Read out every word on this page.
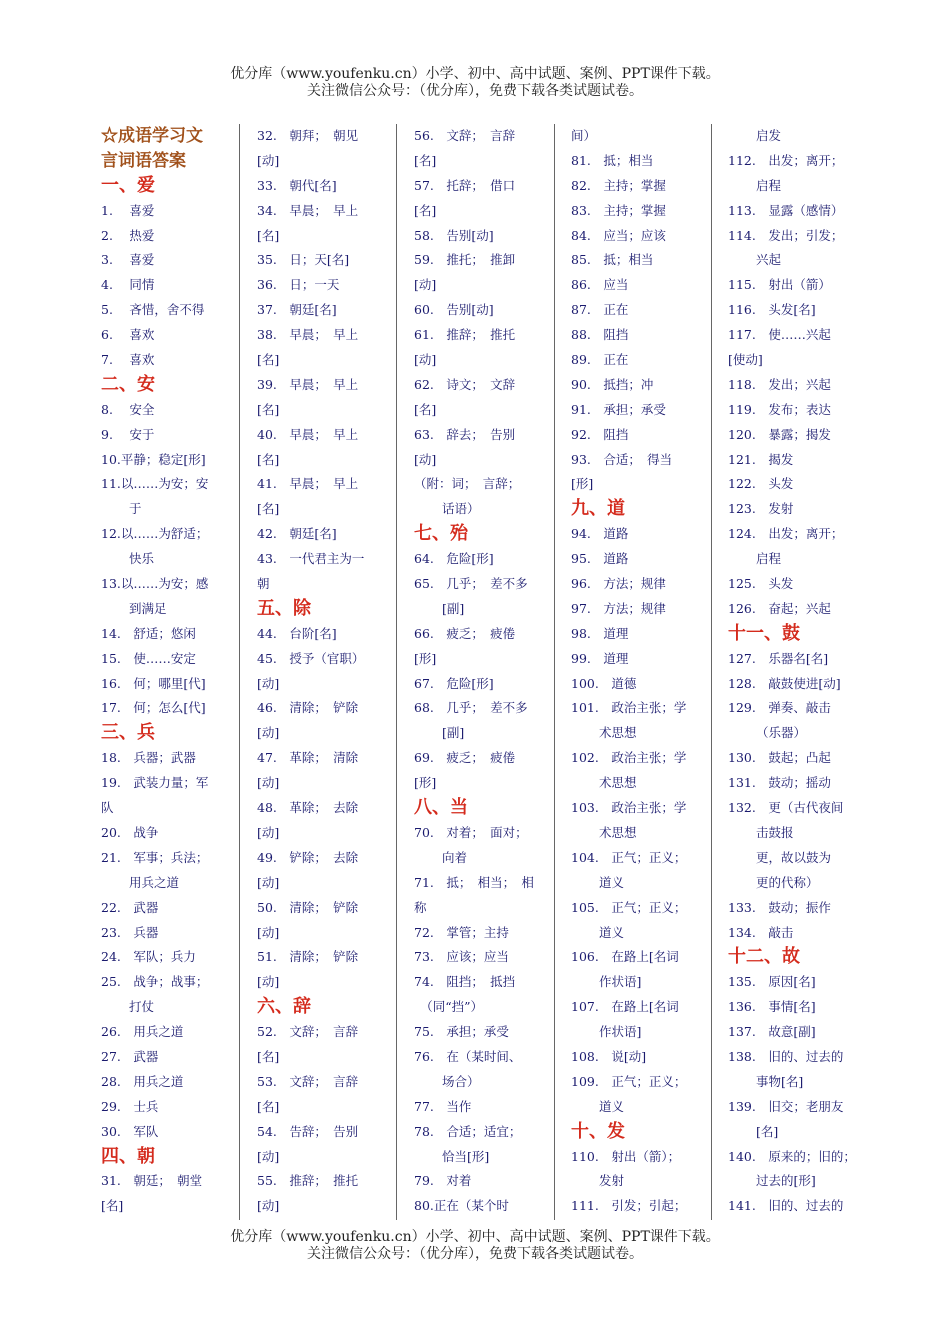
优分库（www.youfenku.cn）小学、初中、高中试题、案例、PPT课件下载。
关注微信公众号：（优分库），免费下载各类试题试卷。
☆成语学习文
言词语答案
一、爱
1.　 喜爱
2.　 热爱
3.　 喜爱
4.　 同情
5.　 吝惜，舍不得
6.　 喜欢
7.　 喜欢
二、安
8.　 安全
9.　 安于
10.平静；稳定[形]
11.以……为安；安
于
12.以……为舒适；
快乐
13.以……为安；感
到满足
14.　舒适；悠闲
15.　使……安定
16.　何；哪里[代]
17.　何；怎么[代]
三、兵
18.　兵器；武器
19.　武装力量；军
队
20.　战争
21.　军事；兵法；
用兵之道
22.　武器
23.　兵器
24.　军队；兵力
25.　战争；战事；
打仗
26.　用兵之道
27.　武器
28.　用兵之道
29.　士兵
30.　军队
四、朝
31.　朝廷；　朝堂
[名]
32.　朝拜；　朝见
[动]
33.　朝代[名]
34.　早晨；　早上
[名]
35.　日；天[名]
36.　日；一天
37.　朝廷[名]
38.　早晨；　早上
[名]
39.　早晨；　早上
[名]
40.　早晨；　早上
[名]
41.　早晨；　早上
[名]
42.　朝廷[名]
43.　一代君主为一
朝
五、除
44.　台阶[名]
45.　授予（官职）
[动]
46.　清除；　铲除
[动]
47.　革除；　清除
[动]
48.　革除；　去除
[动]
49.　铲除；　去除
[动]
50.　清除；　铲除
[动]
51.　清除；　铲除
[动]
六、辞
52.　文辞；　言辞
[名]
53.　文辞；　言辞
[名]
54.　告辞；　告别
[动]
55.　推辞；　推托
[动]
56.　文辞；　言辞
[名]
57.　托辞；　借口
[名]
58.　告别[动]
59.　推托；　推卸
[动]
60.　告别[动]
61.　推辞；　推托
[动]
62.　诗文；　文辞
[名]
63.　辞去；　告别
[动]
（附：词；　言辞；
话语）
七、殆
64.　危险[形]
65.　几乎；　差不多
[副]
66.　疲乏；　疲倦
[形]
67.　危险[形]
68.　几乎；　差不多
[副]
69.　疲乏；　疲倦
[形]
八、当
70.　对着；　面对；
向着
71.　抵；　相当；　相
称
72.　掌管；主持
73.　应该；应当
74.　阻挡；　抵挡
　（同“挡”）
75.　承担；承受
76.　在（某时间、
场合）
77.　当作
78.　合适；适宜；
恰当[形]
79.　对着
80.正在（某个时
间）
81.　抵；相当
82.　主持；掌握
83.　主持；掌握
84.　应当；应该
85.　抵；相当
86.　应当
87.　正在
88.　阻挡
89.　正在
90.　抵挡；冲
91.　承担；承受
92.　阻挡
93.　合适；　得当
[形]
九、道
94.　道路
95.　道路
96.　方法；规律
97.　方法；规律
98.　道理
99.　道理
100.　道德
101.　政治主张；学
术思想
102.　政治主张；学
术思想
103.　政治主张；学
术思想
104.　正气；正义；
道义
105.　正气；正义；
道义
106.　在路上[名词
作状语]
107.　在路上[名词
作状语]
108.　说[动]
109.　正气；正义；
道义
十、发
110.　射出（箭）；
发射
111.　引发；引起；
启发
112.　出发；离开；
启程
113.　显露（感情）
114.　发出；引发；
兴起
115.　射出（箭）
116.　头发[名]
117.　使……兴起
[使动]
118.　发出；兴起
119.　发布；表达
120.　暴露；揭发
121.　揭发
122.　头发
123.　发射
124.　出发；离开；
启程
125.　头发
126.　奋起；兴起
十一、鼓
127.　乐器名[名]
128.　敲鼓使进[动]
129.　弹奏、敲击
（乐器）
130.　鼓起；凸起
131.　鼓动；摇动
132.　更（古代夜间
击鼓报
更，故以鼓为
更的代称）
133.　鼓动；振作
134.　敲击
十二、故
135.　原因[名]
136.　事情[名]
137.　故意[副]
138.　旧的、过去的
事物[名]
139.　旧交；老朋友
[名]
140.　原来的；旧的；
过去的[形]
141.　旧的、过去的
优分库（www.youfenku.cn）小学、初中、高中试题、案例、PPT课件下载。
关注微信公众号：（优分库），免费下载各类试题试卷。
